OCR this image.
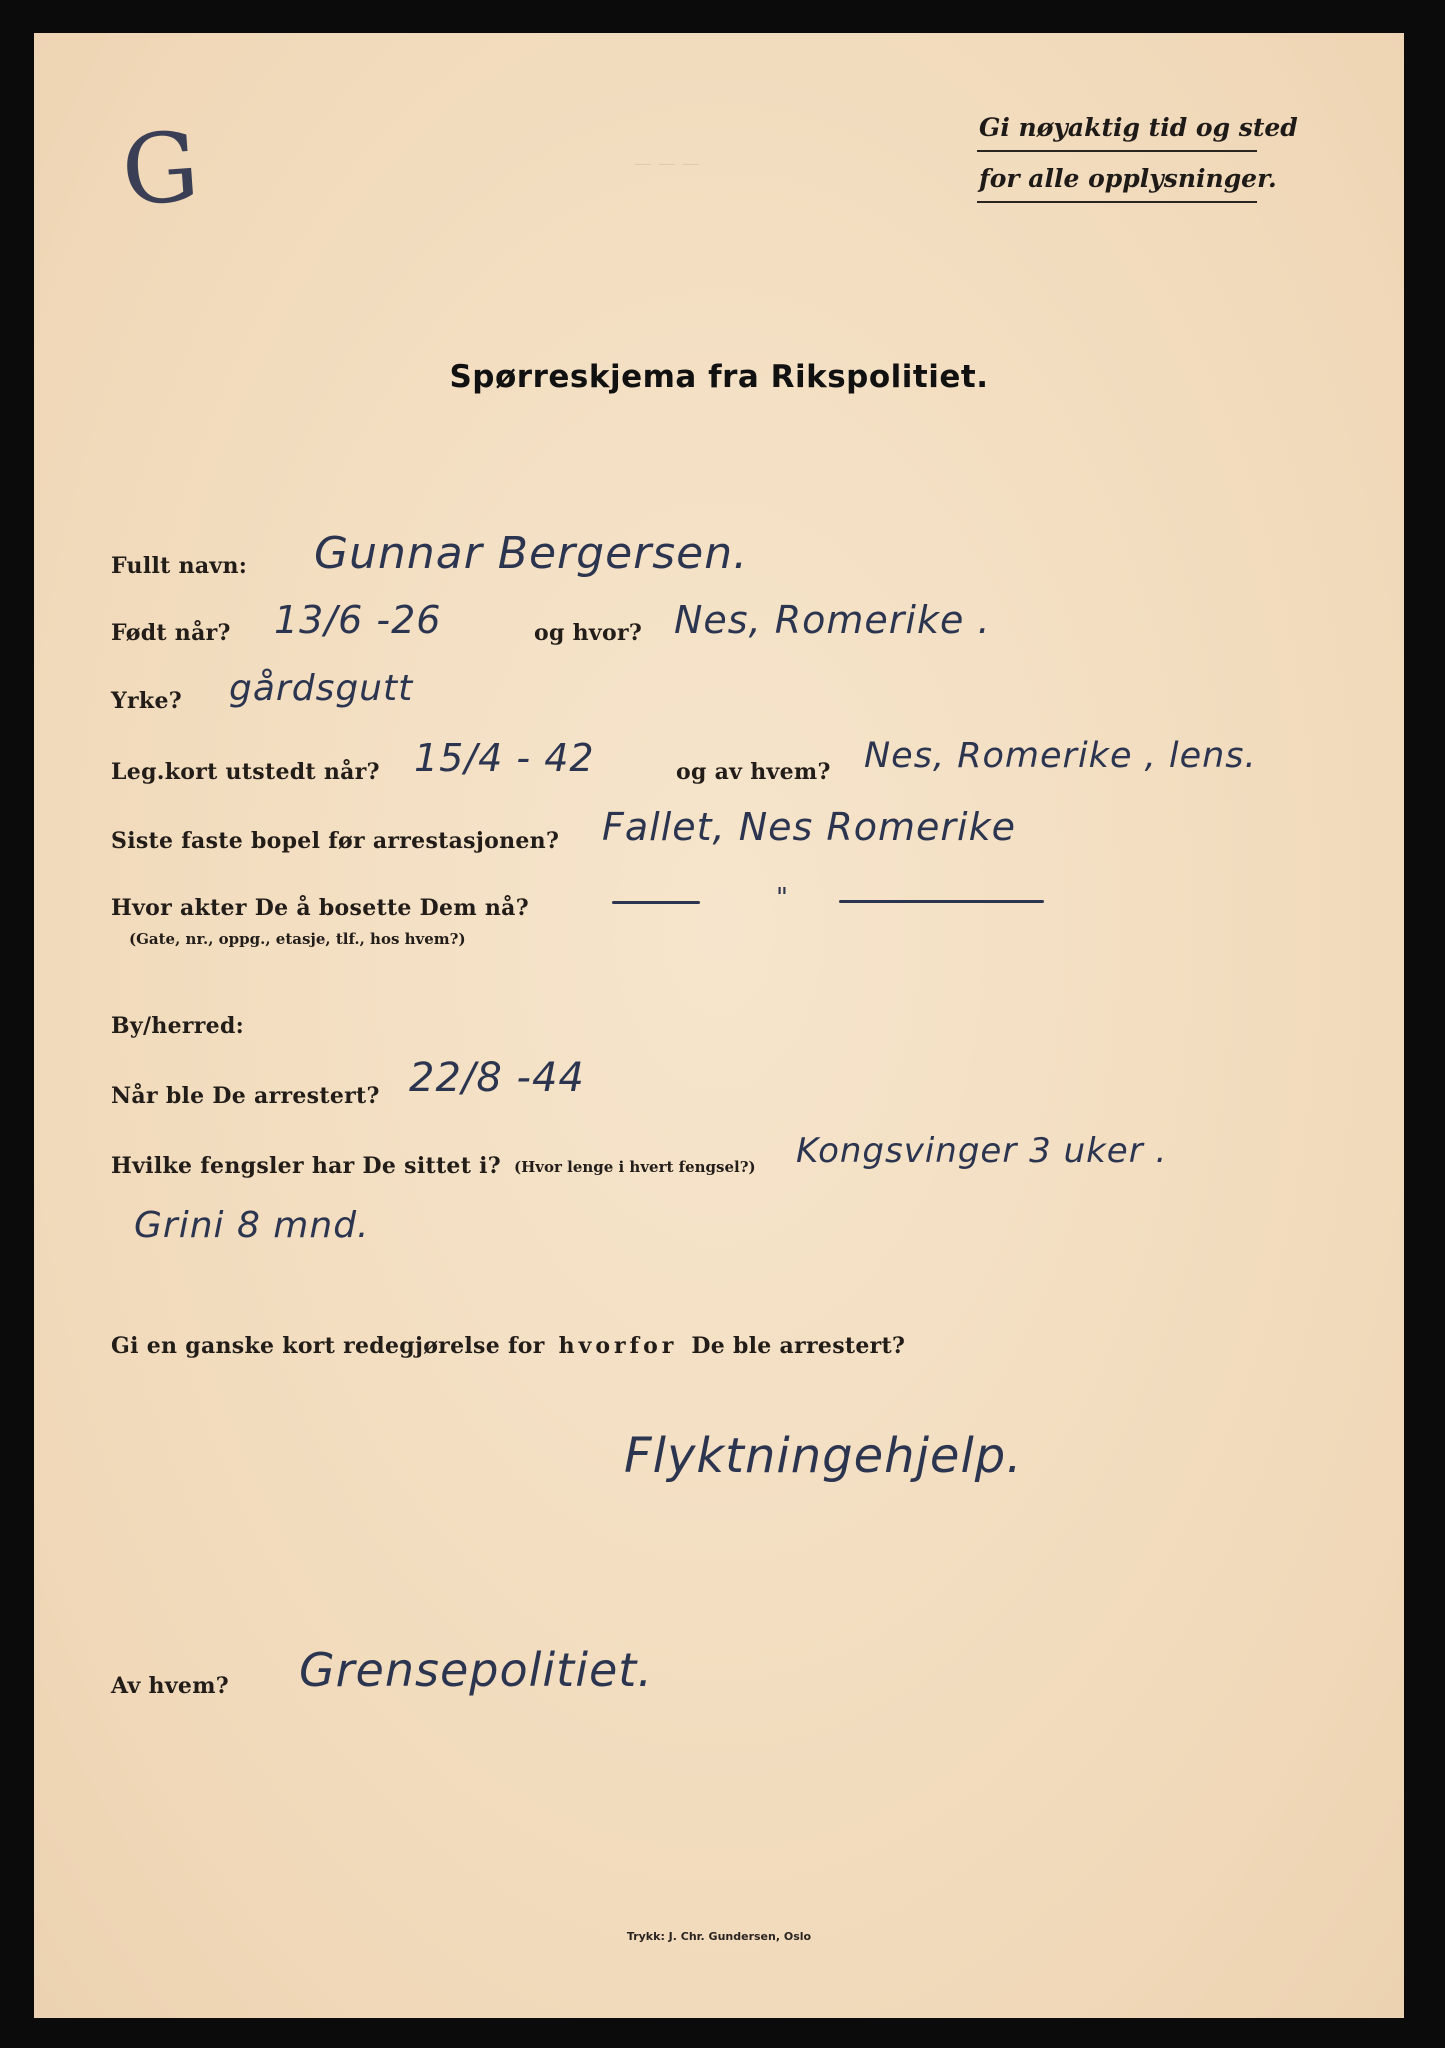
— — —
G	Gi nøyaktig tid og sted
for alle opplysninger.
Spørreskjema fra Rikspolitiet.
Fullt navn: Gunnar Bergersen.
Født når? 13/6 -26	og hvor? Nes, Romerike .
Yrke? gårdsgutt
Leg.kort utstedt når? 15/4 - 42	og av hvem? Nes, Romerike , lens.
Siste faste bopel før arrestasjonen? Fallet, Nes Romerike
Hvor akter De å bosette Dem nå?
(Gate, nr., oppg., etasje, tlf., hos hvem?)
"
By/herred:
Når ble De arrestert? 22/8 -44
Hvilke fengsler har De sittet i? (Hvor lenge i hvert fengsel?) Kongsvinger 3 uker .
Grini 8 mnd.
Gi en ganske kort redegjørelse for hvorfor De ble arrestert?
Flyktningehjelp.
Av hvem? Grensepolitiet.
Trykk: J. Chr. Gundersen, Oslo
